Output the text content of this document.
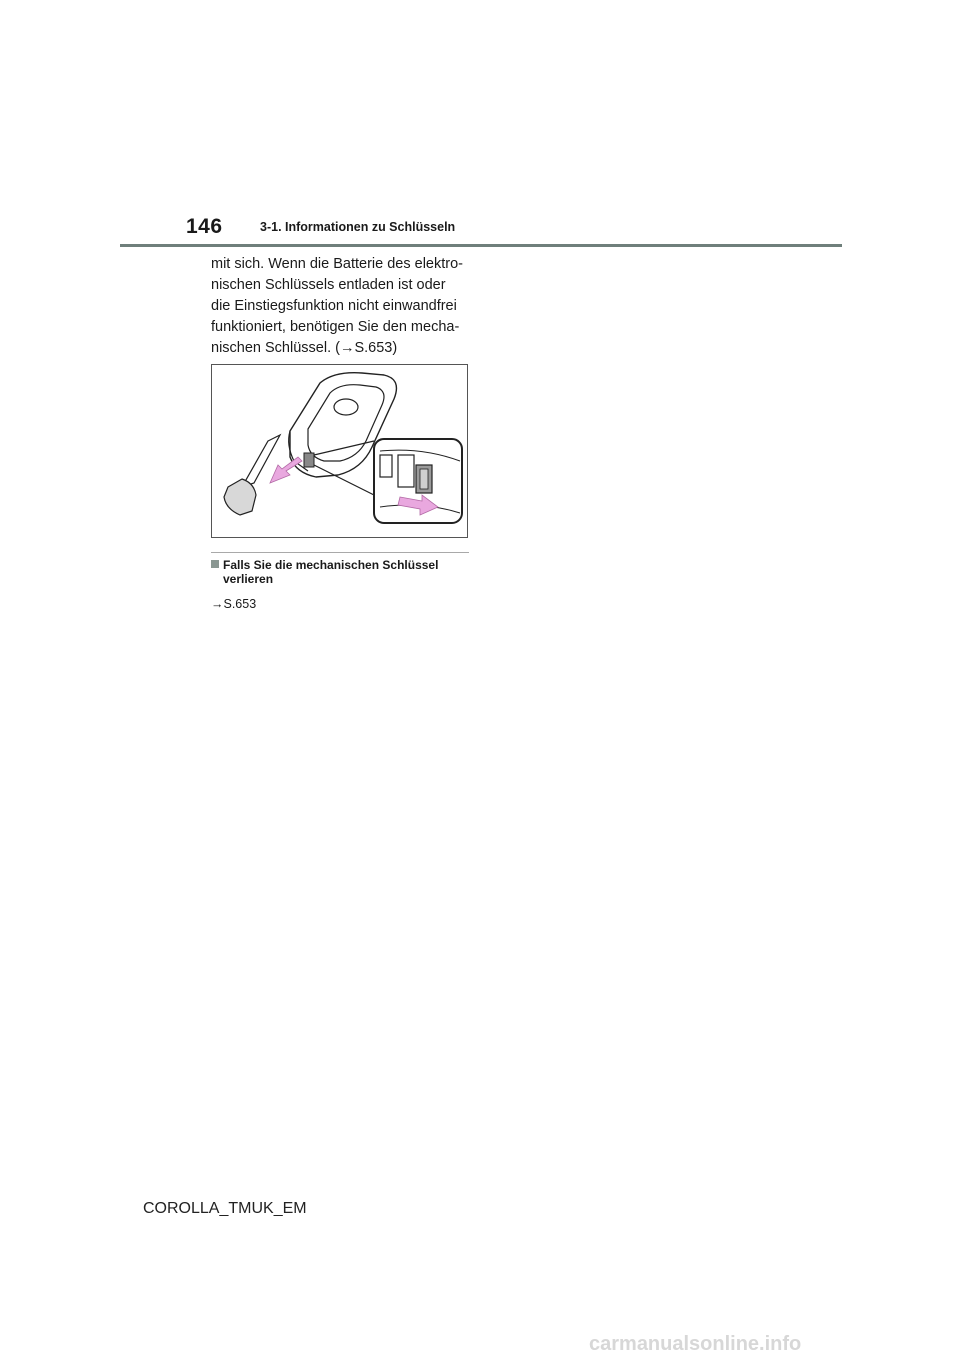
146	3-1. Informationen zu Schlüsseln
mit sich. Wenn die Batterie des elektro-
nischen Schlüssels entladen ist oder
die Einstiegsfunktion nicht einwandfrei
funktioniert, benötigen Sie den mecha-
nischen Schlüssel. (→S.653)
Falls Sie die mechanischen Schlüssel
verlieren
→S.653
COROLLA_TMUK_EM
carmanualsonline.info
